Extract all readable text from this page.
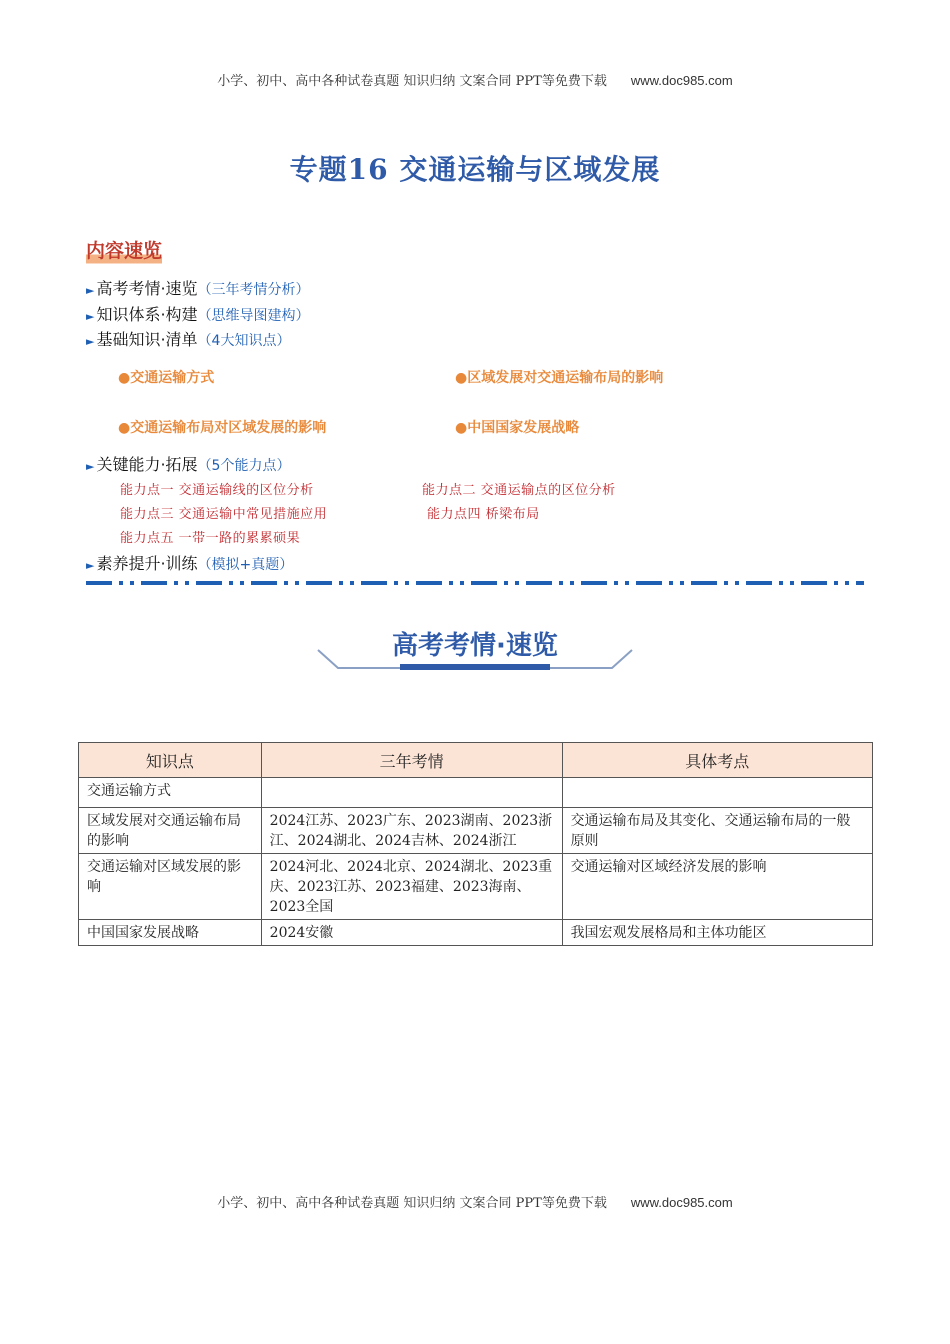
小学、初中、高中各种试卷真题 知识归纳 文案合同 PPT等免费下载 www.doc985.com
专题16 交通运输与区域发展
内容速览
► 高考考情·速览（三年考情分析）
► 知识体系·构建（思维导图建构）
► 基础知识·清单（4大知识点）
●交通运输方式	●区域发展对交通运输布局的影响
●交通运输布局对区域发展的影响	●中国国家发展战略
► 关键能力·拓展（5个能力点）
能力点一 交通运输线的区位分析	能力点二 交通运输点的区位分析
能力点三 交通运输中常见措施应用	能力点四 桥梁布局
能力点五 一带一路的累累硕果
► 素养提升·训练（模拟+真题）
高考考情·速览
知识点	三年考情	具体考点
交通运输方式		
区域发展对交通运输布局的影响	2024江苏、2023广东、2023湖南、2023浙江、2024湖北、2024吉林、2024浙江	交通运输布局及其变化、交通运输布局的一般原则
交通运输对区域发展的影响	2024河北、2024北京、2024湖北、2023重庆、2023江苏、2023福建、2023海南、2023全国	交通运输对区域经济发展的影响
中国国家发展战略	2024安徽	我国宏观发展格局和主体功能区
小学、初中、高中各种试卷真题 知识归纳 文案合同 PPT等免费下载 www.doc985.com
